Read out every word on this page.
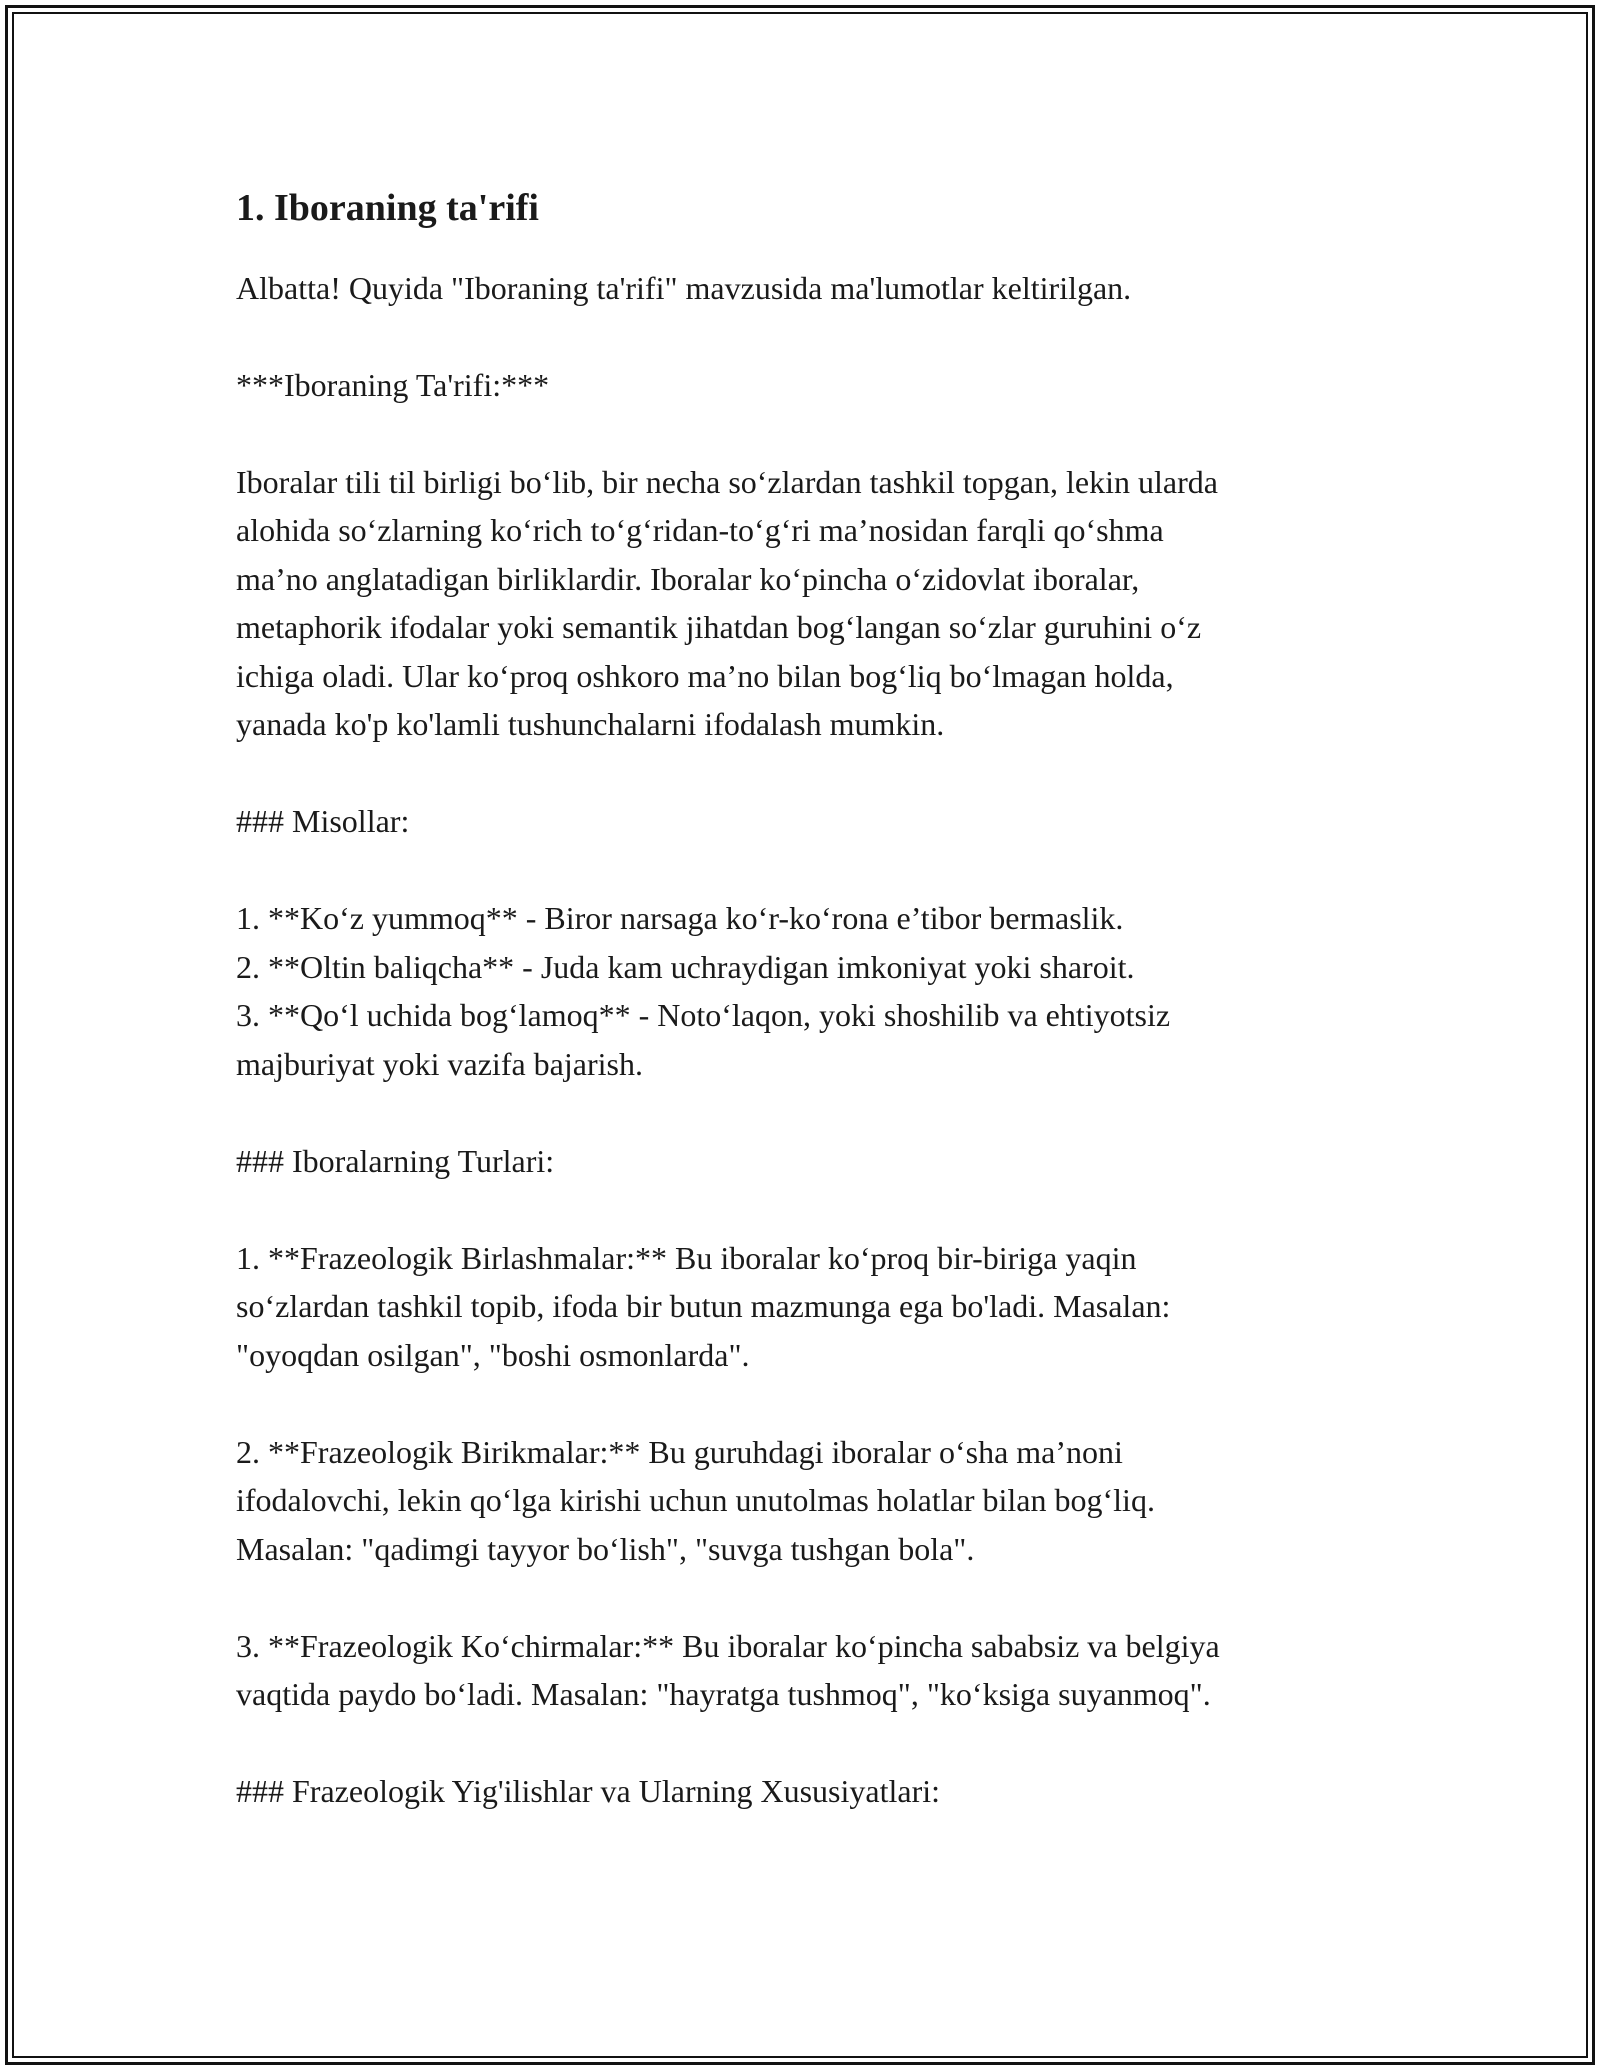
1. Iboraning ta'rifi
Albatta! Quyida "Iboraning ta'rifi" mavzusida ma'lumotlar keltirilgan.
***Iboraning Ta'rifi:***
Iboralar tili til birligi bo‘lib, bir necha so‘zlardan tashkil topgan, lekin ularda
alohida so‘zlarning ko‘rich to‘g‘ridan-to‘g‘ri ma’nosidan farqli qo‘shma
ma’no anglatadigan birliklardir. Iboralar ko‘pincha o‘zidovlat iboralar,
metaphorik ifodalar yoki semantik jihatdan bog‘langan so‘zlar guruhini o‘z
ichiga oladi. Ular ko‘proq oshkoro ma’no bilan bog‘liq bo‘lmagan holda,
yanada ko'p ko'lamli tushunchalarni ifodalash mumkin.
### Misollar:
1. **Ko‘z yummoq** - Biror narsaga ko‘r-ko‘rona e’tibor bermaslik.
2. **Oltin baliqcha** - Juda kam uchraydigan imkoniyat yoki sharoit.
3. **Qo‘l uchida bog‘lamoq** - Noto‘laqon, yoki shoshilib va ehtiyotsiz
majburiyat yoki vazifa bajarish.
### Iboralarning Turlari:
1. **Frazeologik Birlashmalar:** Bu iboralar ko‘proq bir-biriga yaqin
so‘zlardan tashkil topib, ifoda bir butun mazmunga ega bo'ladi. Masalan:
"oyoqdan osilgan", "boshi osmonlarda".
2. **Frazeologik Birikmalar:** Bu guruhdagi iboralar o‘sha ma’noni
ifodalovchi, lekin qo‘lga kirishi uchun unutolmas holatlar bilan bog‘liq.
Masalan: "qadimgi tayyor bo‘lish", "suvga tushgan bola".
3. **Frazeologik Ko‘chirmalar:** Bu iboralar ko‘pincha sababsiz va belgiya
vaqtida paydo bo‘ladi. Masalan: "hayratga tushmoq", "ko‘ksiga suyanmoq".
### Frazeologik Yig'ilishlar va Ularning Xususiyatlari:
